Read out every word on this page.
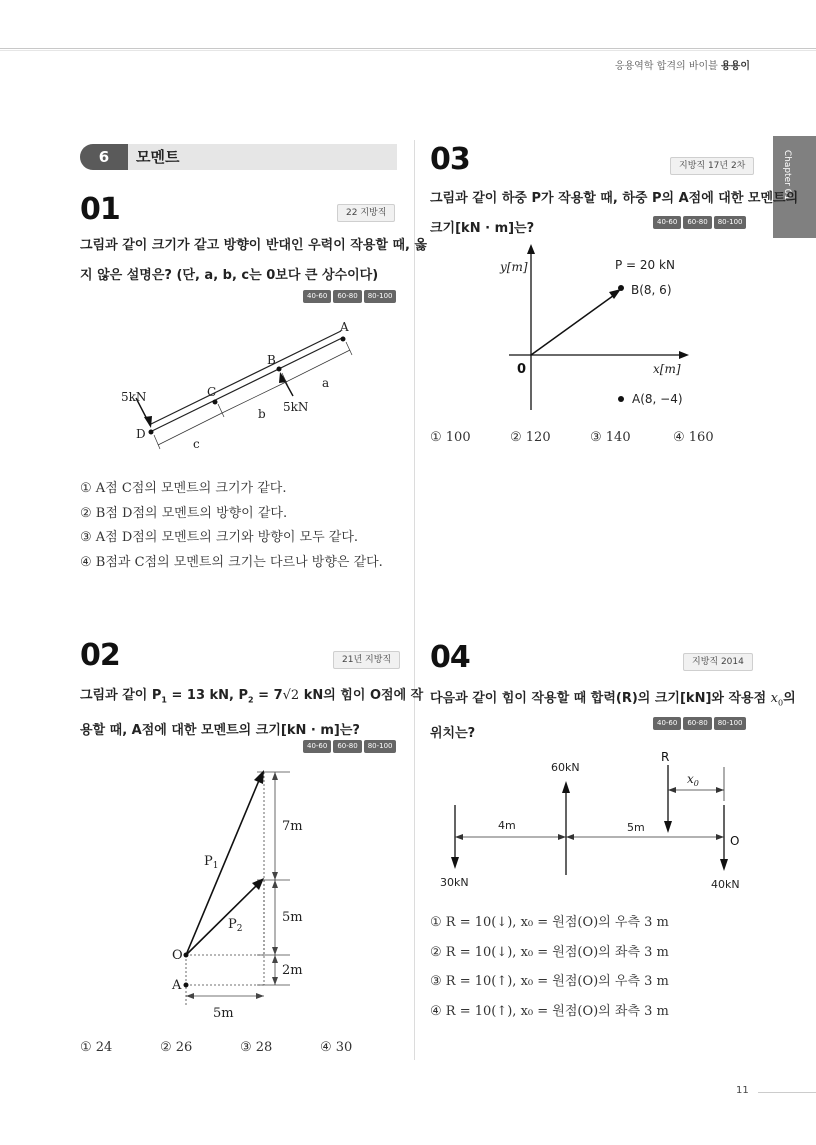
응용역학 합격의 바이블 용용이
Chapter 01
6	모멘트
01	22 지방직
그림과 같이 크기가 같고 방향이 반대인 우력이 작용할 때, 옳
지 않은 설명은? (단, a, b, c는 0보다 큰 상수이다)
40-60	60-80	80-100
A
B
C
D
5kN
5kN
a
b
c
① A점 C점의 모멘트의 크기가 같다.
② B점 D점의 모멘트의 방향이 같다.
③ A점 D점의 모멘트의 크기와 방향이 모두 같다.
④ B점과 C점의 모멘트의 크기는 다르나 방향은 같다.
02	21년 지방직
그림과 같이 $P_1 = 13$ kN, $P_2 = 7√2$ kN의 힘이 O점에 작
용할 때, A점에 대한 모멘트의 크기[kN · m]는?
40-60	60-80	80-100
$P_1$
$P_2$
O
A
7m
5m
2m
5m
① 24	② 26	③ 28	④ 30
03	지방직 17년 2차
그림과 같이 하중 P가 작용할 때, 하중 P의 A점에 대한 모멘트의
크기[kN · m]는?	40-60	60-80	80-100
y[m]
x[m]
0
P = 20 kN
B(8, 6)
A(8, −4)
① 100	② 120	③ 140	④ 160
04	지방직 2014
다음과 같이 힘이 작용할 때 합력(R)의 크기[kN]와 작용점 $x_0$의
위치는?
40-60	60-80	80-100
60kN
R
$x_0$
4m	5m
O
30kN	40kN
① R = 10(↓), x₀ = 원점(O)의 우측 3 m
② R = 10(↓), x₀ = 원점(O)의 좌측 3 m
③ R = 10(↑), x₀ = 원점(O)의 우측 3 m
④ R = 10(↑), x₀ = 원점(O)의 좌측 3 m
11
